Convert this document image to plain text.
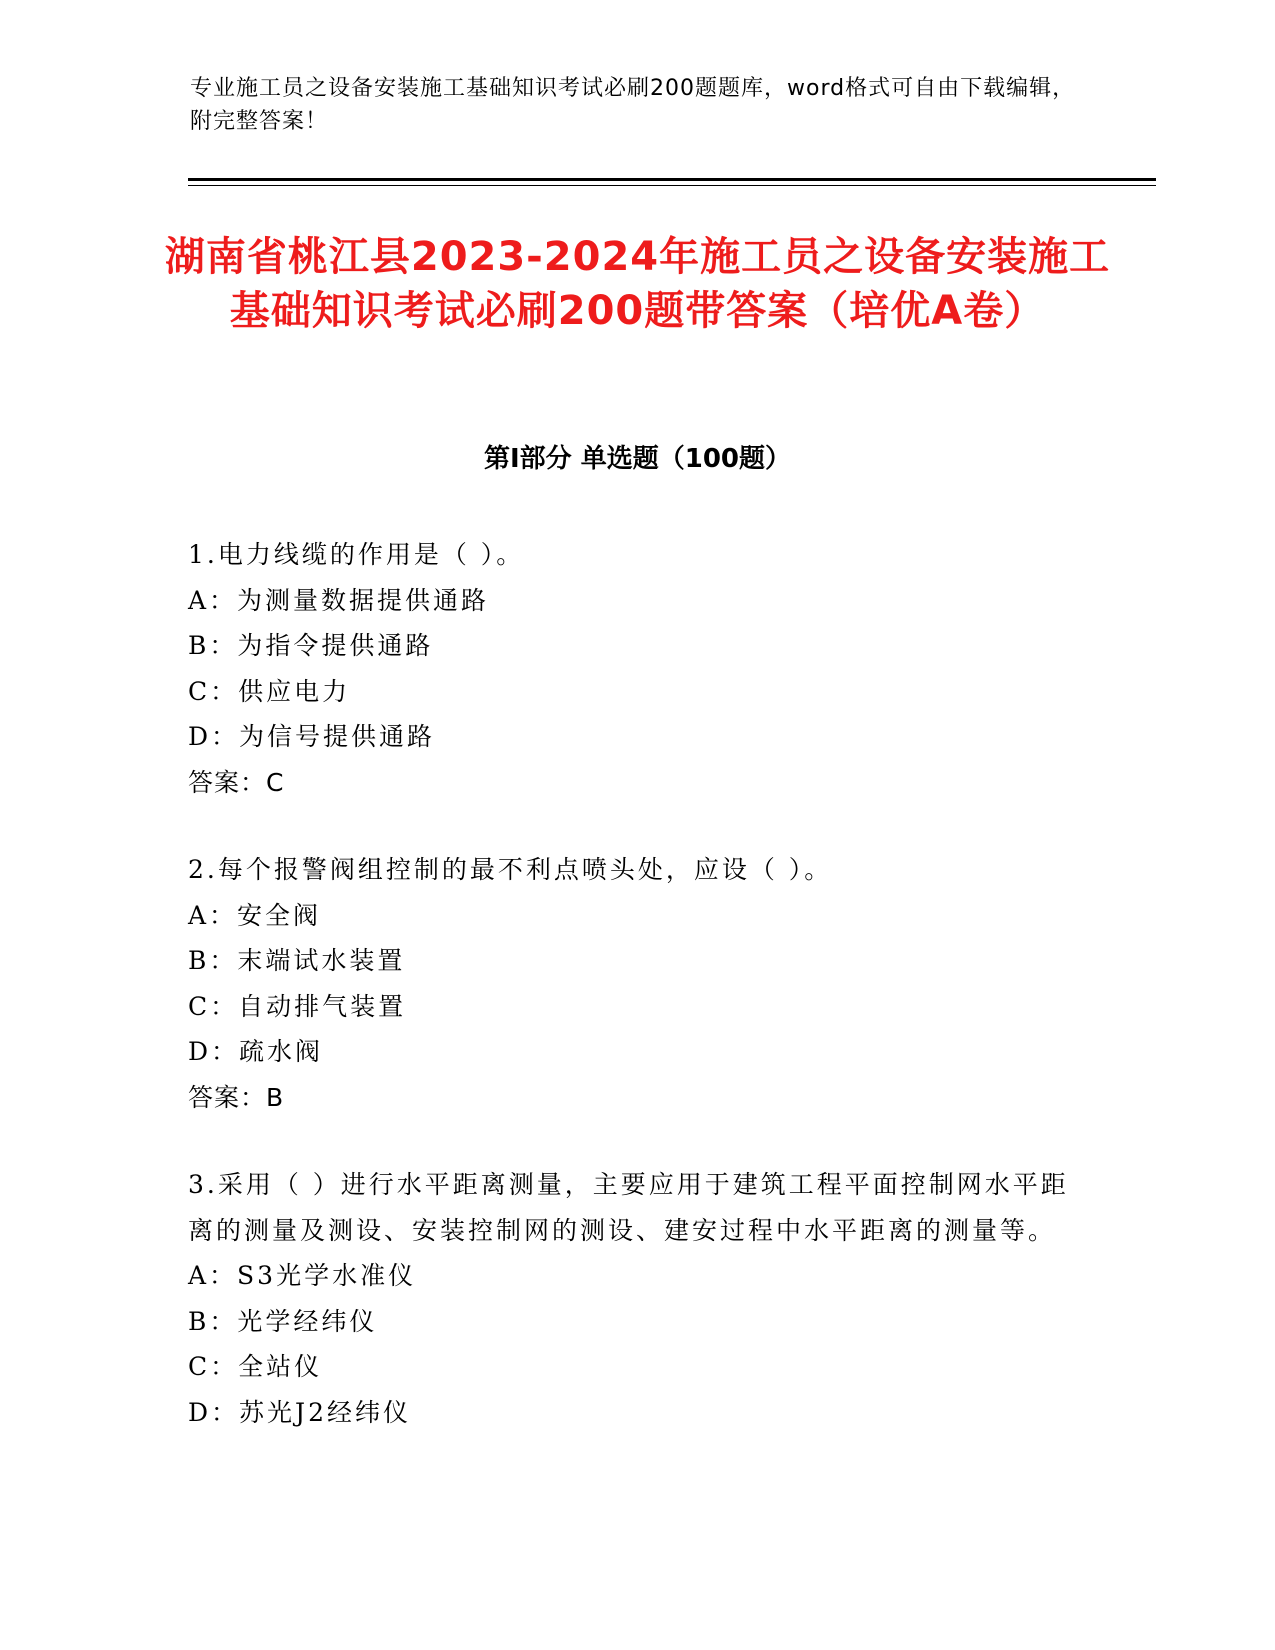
专业施工员之设备安装施工基础知识考试必刷200题题库，word格式可自由下载编辑，附完整答案！
湖南省桃江县2023-2024年施工员之设备安装施工基础知识考试必刷200题带答案（培优A卷）
第I部分 单选题（100题）
1.电力线缆的作用是（ ）。
A：为测量数据提供通路
B：为指令提供通路
C：供应电力
D：为信号提供通路
答案：C
2.每个报警阀组控制的最不利点喷头处，应设（ ）。
A：安全阀
B：末端试水装置
C：自动排气装置
D：疏水阀
答案：B
3.采用（ ）进行水平距离测量，主要应用于建筑工程平面控制网水平距离的测量及测设、安装控制网的测设、建安过程中水平距离的测量等。
A：S3光学水准仪
B：光学经纬仪
C：全站仪
D：苏光J2经纬仪
